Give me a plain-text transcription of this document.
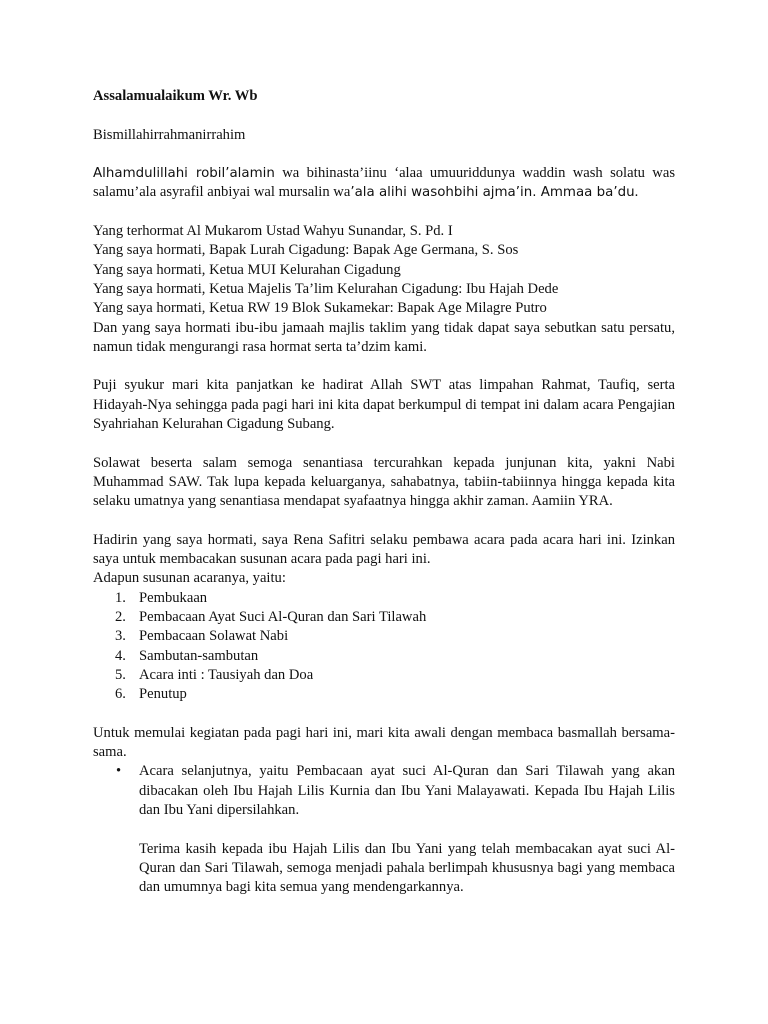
Assalamualaikum Wr. Wb

Bismillahirrahmanirrahim

Alhamdulillahi robil’alamin wa bihinasta’iinu ‘alaa umuuriddunya waddin wash solatu was salamu’ala asyrafil anbiyai wal mursalin wa’ala alihi wasohbihi ajma’in. Ammaa ba’du.

Yang terhormat Al Mukarom Ustad Wahyu Sunandar, S. Pd. I
Yang saya hormati, Bapak Lurah Cigadung: Bapak Age Germana, S. Sos
Yang saya hormati, Ketua MUI Kelurahan Cigadung
Yang saya hormati, Ketua Majelis Ta’lim Kelurahan Cigadung: Ibu Hajah Dede
Yang saya hormati, Ketua RW 19 Blok Sukamekar: Bapak Age Milagre Putro

Dan yang saya hormati ibu-ibu jamaah majlis taklim yang tidak dapat saya sebutkan satu persatu, namun tidak mengurangi rasa hormat serta ta’dzim kami.

Puji syukur mari kita panjatkan ke hadirat Allah SWT atas limpahan Rahmat, Taufiq, serta Hidayah-Nya sehingga pada pagi hari ini kita dapat berkumpul di tempat ini dalam acara Pengajian Syahriahan Kelurahan Cigadung Subang.

Solawat beserta salam semoga senantiasa tercurahkan kepada junjunan kita, yakni Nabi Muhammad SAW. Tak lupa kepada keluarganya, sahabatnya, tabiin-tabiinnya hingga kepada kita selaku umatnya yang senantiasa mendapat syafaatnya hingga akhir zaman. Aamiin YRA.

Hadirin yang saya hormati, saya Rena Safitri selaku pembawa acara pada acara hari ini. Izinkan saya untuk membacakan susunan acara pada pagi hari ini.

Adapun susunan acaranya, yaitu:

1. Pembukaan
2. Pembacaan Ayat Suci Al-Quran dan Sari Tilawah
3. Pembacaan Solawat Nabi
4. Sambutan-sambutan
5. Acara inti : Tausiyah dan Doa
6. Penutup

Untuk memulai kegiatan pada pagi hari ini, mari kita awali dengan membaca basmallah bersama-sama.

• Acara selanjutnya, yaitu Pembacaan ayat suci Al-Quran dan Sari Tilawah yang akan dibacakan oleh Ibu Hajah Lilis Kurnia dan Ibu Yani Malayawati. Kepada Ibu Hajah Lilis dan Ibu Yani dipersilahkan.

Terima kasih kepada ibu Hajah Lilis dan Ibu Yani yang telah membacakan ayat suci Al-Quran dan Sari Tilawah, semoga menjadi pahala berlimpah khususnya bagi yang membaca dan umumnya bagi kita semua yang mendengarkannya.
